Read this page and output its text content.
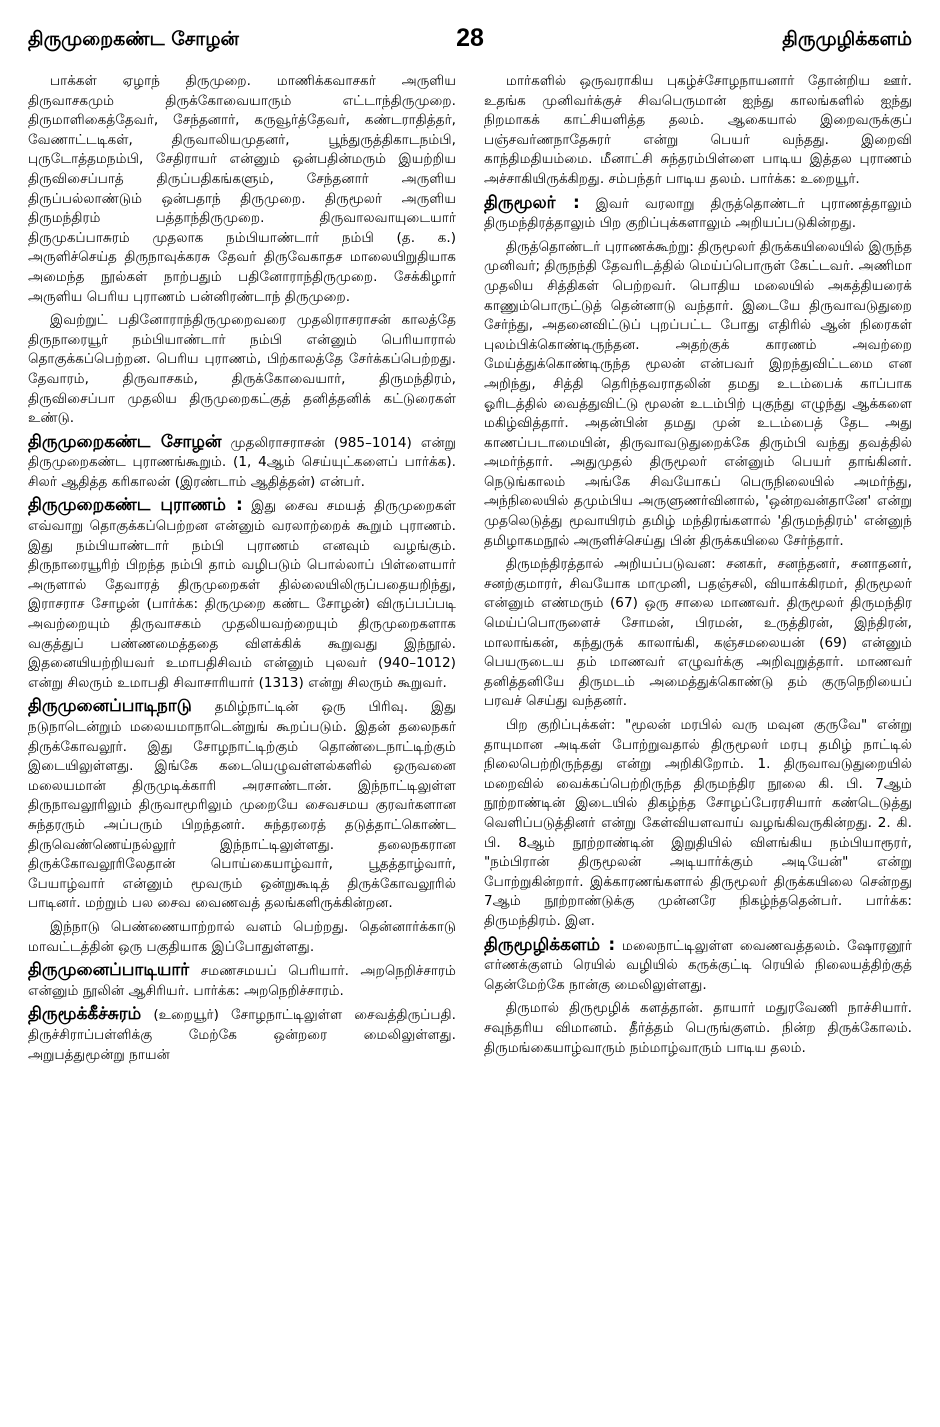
திருமுறைகண்ட சோழன்	28	திருமுழிக்களம்

பாக்கள் ஏழாந் திருமுறை. மாணிக்கவாசகர் அருளிய திருவாசகமும் திருக்கோவையாரும் எட்டாந்திருமுறை. திருமாளிகைத்தேவர், சேந்தனார், கருவூர்த்தேவர், கண்டராதித்தர், வேணாட்டடிகள், திருவாலியமுதனர், பூந்துருத்திகாடநம்பி, புருடோத்தமநம்பி, சேதிராயர் என்னும் ஒன்பதின்மரும் இயற்றிய திருவிசைப்பாத் திருப்பதிகங்களும், சேந்தனார் அருளிய திருப்பல்லாண்டும் ஒன்பதாந் திருமுறை. திருமூலர் அருளிய திருமந்திரம் பத்தாந்திருமுறை. திருவாலவாயுடையார் திருமுகப்பாசுரம் முதலாக நம்பியாண்டார் நம்பி (த. க.) அருளிச்செய்த திருநாவுக்கரசு தேவர் திருவேகாதச மாலையிறுதியாக அமைந்த நூல்கள் நாற்பதும் பதினோராந்திருமுறை. சேக்கிழார் அருளிய பெரிய புராணம் பன்னிரண்டாந் திருமுறை.

இவற்றுட் பதினோராந்திருமுறைவரை முதலிராசராசன் காலத்தே திருநாரையூர் நம்பியாண்டார் நம்பி என்னும் பெரியாரால் தொகுக்கப்பெற்றன. பெரிய புராணம், பிற்காலத்தே சேர்க்கப்பெற்றது. தேவாரம், திருவாசகம், திருக்கோவையார், திருமந்திரம், திருவிசைப்பா முதலிய திருமுறைகட்குத் தனித்தனிக் கட்டுரைகள் உண்டு.

திருமுறைகண்ட சோழன் முதலிராசராசன் (985–1014) என்று திருமுறைகண்ட புராணங்கூறும். (1, 4ஆம் செய்யுட்களைப் பார்க்க). சிலர் ஆதித்த கரிகாலன் (இரண்டாம் ஆதித்தன்) என்பர்.

திருமுறைகண்ட புராணம் : இது சைவ சமயத் திருமுறைகள் எவ்வாறு தொகுக்கப்பெற்றன என்னும் வரலாற்றைக் கூறும் புராணம். இது நம்பியாண்டார் நம்பி புராணம் எனவும் வழங்கும். திருநாரையூரிற் பிறந்த நம்பி தாம் வழிபடும் பொல்லாப் பிள்ளையார் அருளால் தேவாரத் திருமுறைகள் தில்லையிலிருப்பதையறிந்து, இராசராச சோழன் (பார்க்க: திருமுறை கண்ட சோழன்) விருப்பப்படி அவற்றையும் திருவாசகம் முதலியவற்றையும் திருமுறைகளாக வகுத்துப் பண்ணமைத்ததை விளக்கிக் கூறுவது இந்நூல். இதனையியற்றியவர் உமாபதிசிவம் என்னும் புலவர் (940–1012) என்று சிலரும் உமாபதி சிவாசாரியார் (1313) என்று சிலரும் கூறுவர்.

திருமுனைப்பாடிநாடு தமிழ்நாட்டின் ஒரு பிரிவு. இது நடுநாடென்றும் மலையமாநாடென்றுங் கூறப்படும். இதன் தலைநகர் திருக்கோவலூர். இது சோழநாட்டிற்கும் தொண்டைநாட்டிற்கும் இடையிலுள்ளது. இங்கே கடையெழுவள்ளல்களில் ஒருவனை மலையமான் திருமுடிக்காரி அரசாண்டான். இந்நாட்டிலுள்ள திருநாவலூரிலும் திருவாமூரிலும் முறையே சைவசமய குரவர்களான சுந்தரரும் அப்பரும் பிறந்தனர். சுந்தரரைத் தடுத்தாட்கொண்ட திருவெண்ணெய்நல்லூர் இந்நாட்டிலுள்ளது. தலைநகரான திருக்கோவலூரிலேதான் பொய்கையாழ்வார், பூதத்தாழ்வார், பேயாழ்வார் என்னும் மூவரும் ஒன்றுகூடித் திருக்கோவலூரில் பாடினர். மற்றும் பல சைவ வைணவத் தலங்களிருக்கின்றன.

இந்நாடு பெண்ணையாற்றால் வளம் பெற்றது. தென்னார்க்காடு மாவட்டத்தின் ஒரு பகுதியாக இப்போதுள்ளது.

திருமுனைப்பாடியார் சமணசமயப் பெரியார். அறநெறிச்சாரம் என்னும் நூலின் ஆசிரியர். பார்க்க: அறநெறிச்சாரம்.

திருமூக்கீச்சுரம் (உறையூர்) சோழநாட்டிலுள்ள சைவத்திருப்பதி. திருச்சிராப்பள்ளிக்கு மேற்கே ஒன்றரை மைலிலுள்ளது. அறுபத்துமூன்று நாயன்

மார்களில் ஒருவராகிய புகழ்ச்சோழநாயனார் தோன்றிய ஊர். உதங்க முனிவர்க்குச் சிவபெருமான் ஐந்து காலங்களில் ஐந்து நிறமாகக் காட்சியளித்த தலம். ஆகையால் இறைவருக்குப் பஞ்சவர்ணநாதேசுரர் என்று பெயர் வந்தது. இறைவி காந்திமதியம்மை. மீனாட்சி சுந்தரம்பிள்ளை பாடிய இத்தல புராணம் அச்சாகியிருக்கிறது. சம்பந்தர் பாடிய தலம். பார்க்க: உறையூர்.

திருமூலர் : இவர் வரலாறு திருத்தொண்டர் புராணத்தாலும் திருமந்திரத்தாலும் பிற குறிப்புக்களாலும் அறியப்படுகின்றது.

திருத்தொண்டர் புராணக்கூற்று: திருமூலர் திருக்கயிலையில் இருந்த முனிவர்; திருநந்தி தேவரிடத்தில் மெய்ப்பொருள் கேட்டவர். அணிமா முதலிய சித்திகள் பெற்றவர். பொதிய மலையில் அகத்தியரைக் காணும்பொருட்டுத் தென்னாடு வந்தார். இடையே திருவாவடுதுறை சேர்ந்து, அதனைவிட்டுப் புறப்பட்ட போது எதிரில் ஆன் நிரைகள் புலம்பிக்கொண்டிருந்தன. அதற்குக் காரணம் அவற்றை மேய்த்துக்கொண்டிருந்த மூலன் என்பவர் இறந்துவிட்டமை என அறிந்து, சித்தி தெரிந்தவராதலின் தமது உடம்பைக் காப்பாக ஓரிடத்தில் வைத்துவிட்டு மூலன் உடம்பிற் புகுந்து எழுந்து ஆக்களை மகிழ்வித்தார். அதன்பின் தமது முன் உடம்பைத் தேட அது காணப்படாமையின், திருவாவடுதுறைக்கே திரும்பி வந்து தவத்தில் அமர்ந்தார். அதுமுதல் திருமூலர் என்னும் பெயர் தாங்கினர். நெடுங்காலம் அங்கே சிவயோகப் பெருநிலையில் அமர்ந்து, அந்நிலையில் தமும்பிய அருளுணர்வினால், 'ஒன்றவன்தானே' என்று முதலெடுத்து மூவாயிரம் தமிழ் மந்திரங்களால் 'திருமந்திரம்' என்னுந் தமிழாகமநூல் அருளிச்செய்து பின் திருக்கயிலை சேர்ந்தார்.

திருமந்திரத்தால் அறியப்படுவன: சனகர், சனந்தனர், சனாதனர், சனற்குமாரர், சிவயோக மாமுனி, பதஞ்சலி, வியாக்கிரமர், திருமூலர் என்னும் எண்மரும் (67) ஒரு சாலை மாணவர். திருமூலர் திருமந்திர மெய்ப்பொருளைச் சோமன், பிரமன், உருத்திரன், இந்திரன், மாலாங்கன், கந்துருக் காலாங்கி, கஞ்சமலையன் (69) என்னும் பெயருடைய தம் மாணவர் எழுவர்க்கு அறிவுறுத்தார். மாணவர் தனித்தனியே திருமடம் அமைத்துக்கொண்டு தம் குருநெறியைப் பரவச் செய்து வந்தனர்.

பிற குறிப்புக்கள்: "மூலன் மரபில் வரு மவுன குருவே" என்று தாயுமான அடிகள் போற்றுவதால் திருமூலர் மரபு தமிழ் நாட்டில் நிலைபெற்றிருந்தது என்று அறிகிறோம். 1. திருவாவடுதுறையில் மறைவில் வைக்கப்பெற்றிருந்த திருமந்திர நூலை கி. பி. 7ஆம் நூற்றாண்டின் இடையில் திகழ்ந்த சோழப்பேரரசியார் கண்டெடுத்து வெளிப்படுத்தினர் என்று கேள்வியளவாய் வழங்கிவருகின்றது. 2. கி. பி. 8ஆம் நூற்றாண்டின் இறுதியில் விளங்கிய நம்பியாரூரர், "நம்பிரான் திருமூலன் அடியார்க்கும் அடியேன்" என்று போற்றுகின்றார். இக்காரணங்களால் திருமூலர் திருக்கயிலை சென்றது 7ஆம் நூற்றாண்டுக்கு முன்னரே நிகழ்ந்ததென்பர். பார்க்க: திருமந்திரம். இள.

திருமூழிக்களம் : மலைநாட்டிலுள்ள வைணவத்தலம். ஷோரனூர் எர்ணக்குளம் ரெயில் வழியில் கருக்குட்டி ரெயில் நிலையத்திற்குத் தென்மேற்கே நான்கு மைலிலுள்ளது.

திருமால் திருமூழிக் களத்தான். தாயார் மதுரவேணி நாச்சியார். சவுந்தரிய விமானம். தீர்த்தம் பெருங்குளம். நின்ற திருக்கோலம். திருமங்கையாழ்வாரும் நம்மாழ்வாரும் பாடிய தலம்.
